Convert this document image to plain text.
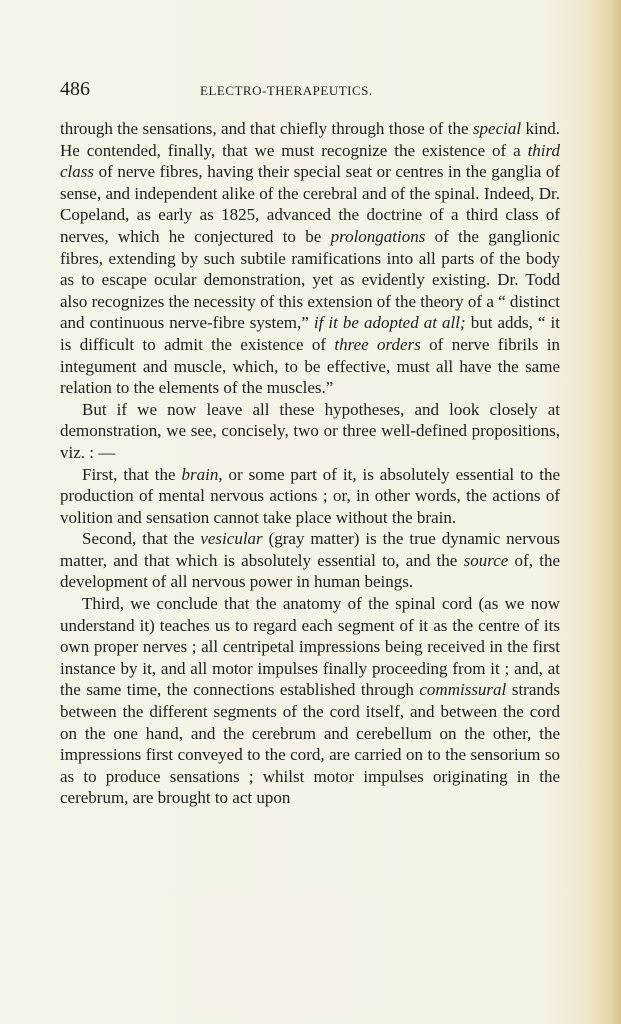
486	ELECTRO-THERAPEUTICS.

through the sensations, and that chiefly through those of the special kind. He contended, finally, that we must recognize the existence of a third class of nerve fibres, having their special seat or centres in the ganglia of sense, and independent alike of the cerebral and of the spinal. Indeed, Dr. Copeland, as early as 1825, advanced the doctrine of a third class of nerves, which he conjectured to be prolongations of the ganglionic fibres, extending by such subtile ramifications into all parts of the body as to escape ocular demonstration, yet as evidently existing. Dr. Todd also recognizes the necessity of this extension of the theory of a “ distinct and continuous nerve-fibre system,” if it be adopted at all; but adds, “ it is difficult to admit the existence of three orders of nerve fibrils in integument and muscle, which, to be effective, must all have the same relation to the elements of the muscles.”

But if we now leave all these hypotheses, and look closely at demonstration, we see, concisely, two or three well-defined propositions, viz. : —

First, that the brain, or some part of it, is absolutely essential to the production of mental nervous actions ; or, in other words, the actions of volition and sensation cannot take place without the brain.

Second, that the vesicular (gray matter) is the true dynamic nervous matter, and that which is absolutely essential to, and the source of, the development of all nervous power in human beings.

Third, we conclude that the anatomy of the spinal cord (as we now understand it) teaches us to regard each segment of it as the centre of its own proper nerves ; all centripetal impressions being received in the first instance by it, and all motor impulses finally proceeding from it ; and, at the same time, the connections established through commissural strands between the different segments of the cord itself, and between the cord on the one hand, and the cerebrum and cerebellum on the other, the impressions first conveyed to the cord, are carried on to the sensorium so as to produce sensations ; whilst motor impulses originating in the cerebrum, are brought to act upon
